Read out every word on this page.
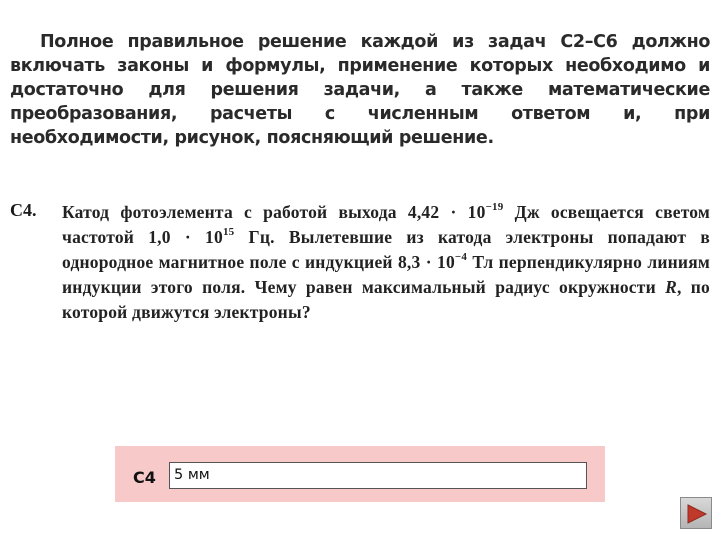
Полное правильное решение каждой из задач С2–С6 должно включать законы и формулы, применение которых необходимо и достаточно для решения задачи, а также математические преобразования, расчеты с численным ответом и, при необходимости, рисунок, поясняющий решение.
С4. Катод фотоэлемента с работой выхода $4,42 \cdot 10^{-19}$ Дж освещается светом частотой $1,0 \cdot 10^{15}$ Гц. Вылетевшие из катода электроны попадают в однородное магнитное поле с индукцией $8,3 \cdot 10^{-4}$ Тл перпендикулярно линиям индукции этого поля. Чему равен максимальный радиус окружности R, по которой движутся электроны?
С4	5 мм
